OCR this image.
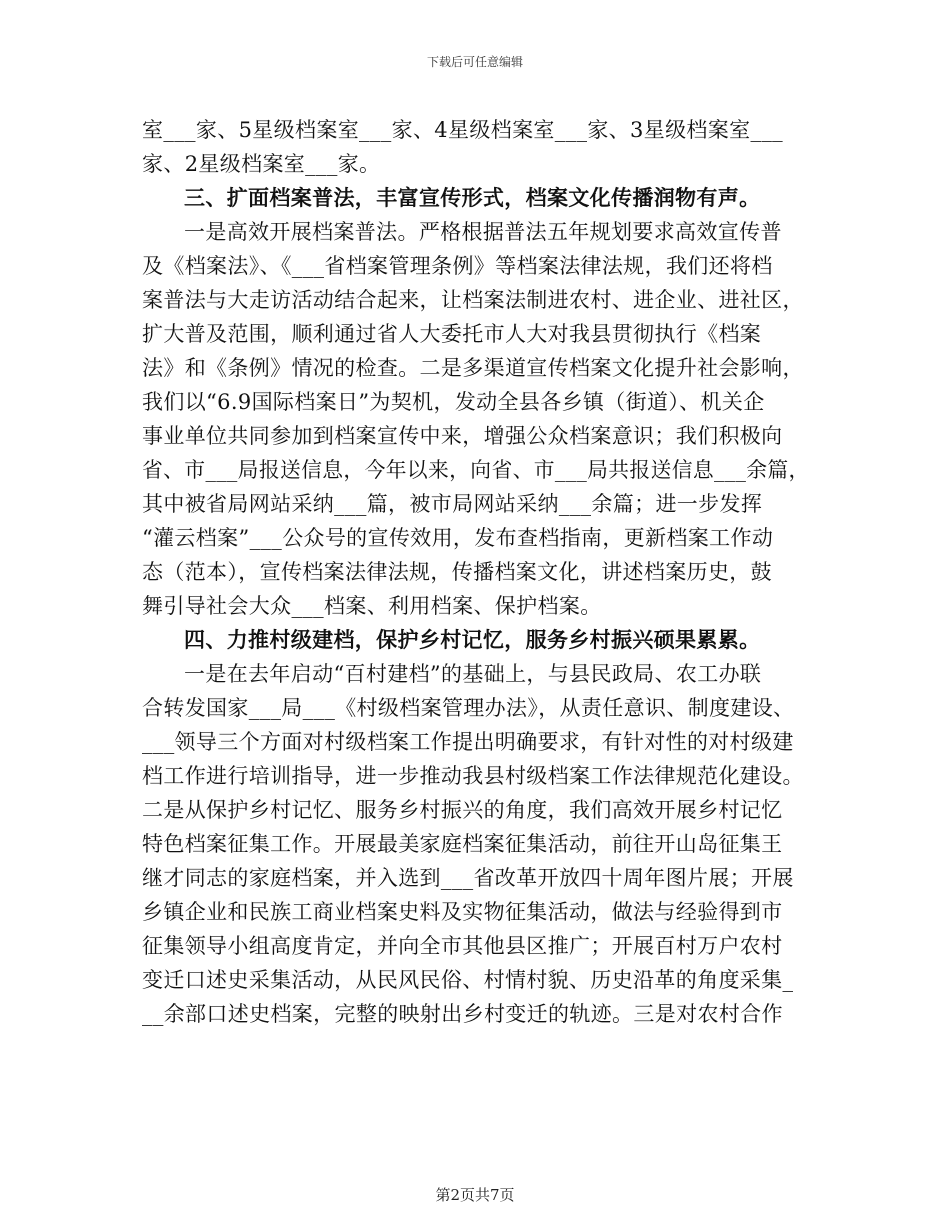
下载后可任意编辑
室___家、5星级档案室___家、4星级档案室___家、3星级档案室___
家、2星级档案室___家。
三、扩面档案普法，丰富宣传形式，档案文化传播润物有声。
一是高效开展档案普法。严格根据普法五年规划要求高效宣传普
及《档案法》、《___省档案管理条例》等档案法律法规，我们还将档
案普法与大走访活动结合起来，让档案法制进农村、进企业、进社区，
扩大普及范围，顺利通过省人大委托市人大对我县贯彻执行《档案
法》和《条例》情况的检查。二是多渠道宣传档案文化提升社会影响，
我们以“6.9国际档案日”为契机，发动全县各乡镇（街道）、机关企
事业单位共同参加到档案宣传中来，增强公众档案意识；我们积极向
省、市___局报送信息，今年以来，向省、市___局共报送信息___余篇，
其中被省局网站采纳___篇，被市局网站采纳___余篇；进一步发挥
“灌云档案”___公众号的宣传效用，发布查档指南，更新档案工作动
态（范本），宣传档案法律法规，传播档案文化，讲述档案历史，鼓
舞引导社会大众___档案、利用档案、保护档案。
四、力推村级建档，保护乡村记忆，服务乡村振兴硕果累累。
一是在去年启动“百村建档”的基础上，与县民政局、农工办联
合转发国家___局___《村级档案管理办法》，从责任意识、制度建设、
___领导三个方面对村级档案工作提出明确要求，有针对性的对村级建
档工作进行培训指导，进一步推动我县村级档案工作法律规范化建设。
二是从保护乡村记忆、服务乡村振兴的角度，我们高效开展乡村记忆
特色档案征集工作。开展最美家庭档案征集活动，前往开山岛征集王
继才同志的家庭档案，并入选到___省改革开放四十周年图片展；开展
乡镇企业和民族工商业档案史料及实物征集活动，做法与经验得到市
征集领导小组高度肯定，并向全市其他县区推广；开展百村万户农村
变迁口述史采集活动，从民风民俗、村情村貌、历史沿革的角度采集_
__余部口述史档案，完整的映射出乡村变迁的轨迹。三是对农村合作
第2页共7页
